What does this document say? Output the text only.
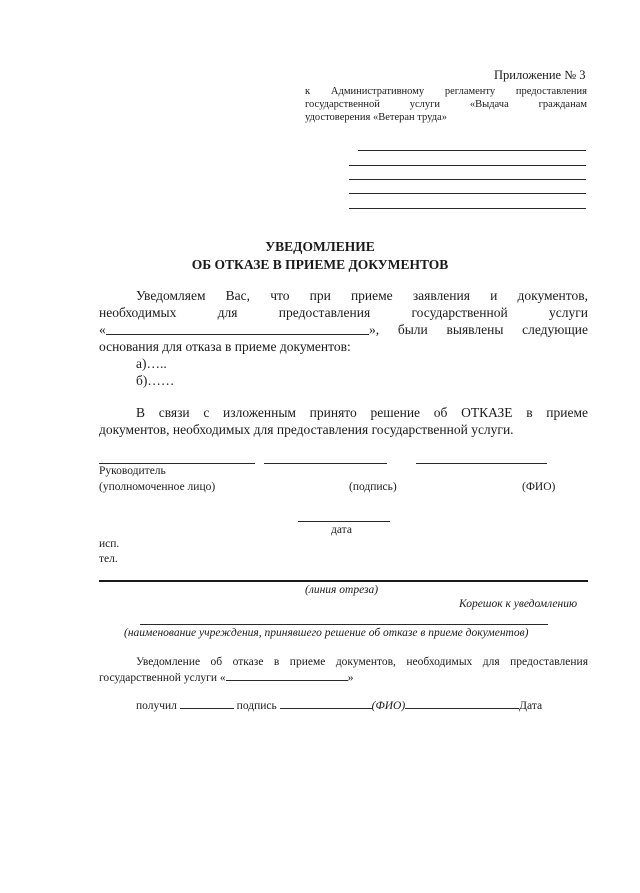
Приложение № 3
к Административному регламенту предоставления
государственной услуги «Выдача гражданам
удостоверения «Ветеран труда»
УВЕДОМЛЕНИЕ
ОБ ОТКАЗЕ В ПРИЕМЕ ДОКУМЕНТОВ
Уведомляем Вас, что при приеме заявления и документов,
необходимых для предоставления государственной услуги
«	», были выявлены следующие
основания для отказа в приеме документов:
а)…..
б)……
В связи с изложенным принято решение об ОТКАЗЕ в приеме
документов, необходимых для предоставления государственной услуги.
Руководитель
(уполномоченное лицо)	(подпись)	(ФИО)
дата
исп.
тел.
(линия отреза)
Корешок к уведомлению
(наименование учреждения, принявшего решение об отказе в приеме документов)
Уведомление об отказе в приеме документов, необходимых для предоставления
государственной услуги «	»
получил	подпись	(ФИО)	Дата
